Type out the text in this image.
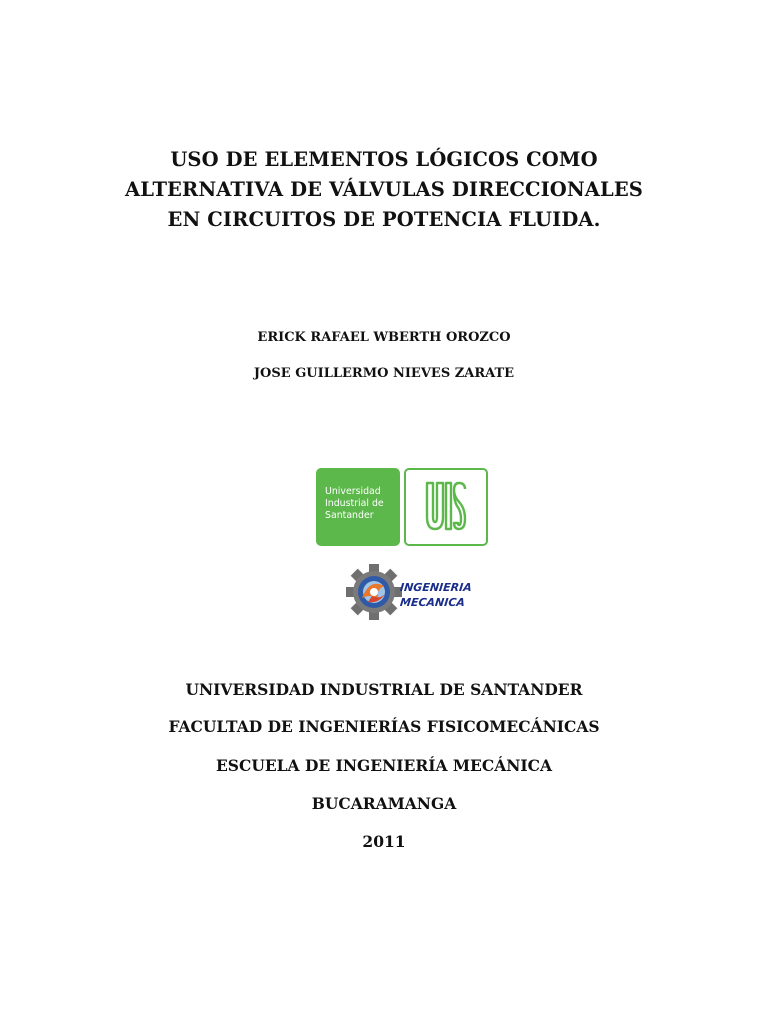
USO DE ELEMENTOS LÓGICOS COMO
ALTERNATIVA DE VÁLVULAS DIRECCIONALES
EN CIRCUITOS DE POTENCIA FLUIDA.
ERICK RAFAEL WBERTH OROZCO
JOSE GUILLERMO NIEVES ZARATE
Universidad
Industrial de
Santander
INGENIERIA
MECANICA
UNIVERSIDAD INDUSTRIAL DE SANTANDER
FACULTAD DE INGENIERÍAS FISICOMECÁNICAS
ESCUELA DE INGENIERÍA MECÁNICA
BUCARAMANGA
2011
